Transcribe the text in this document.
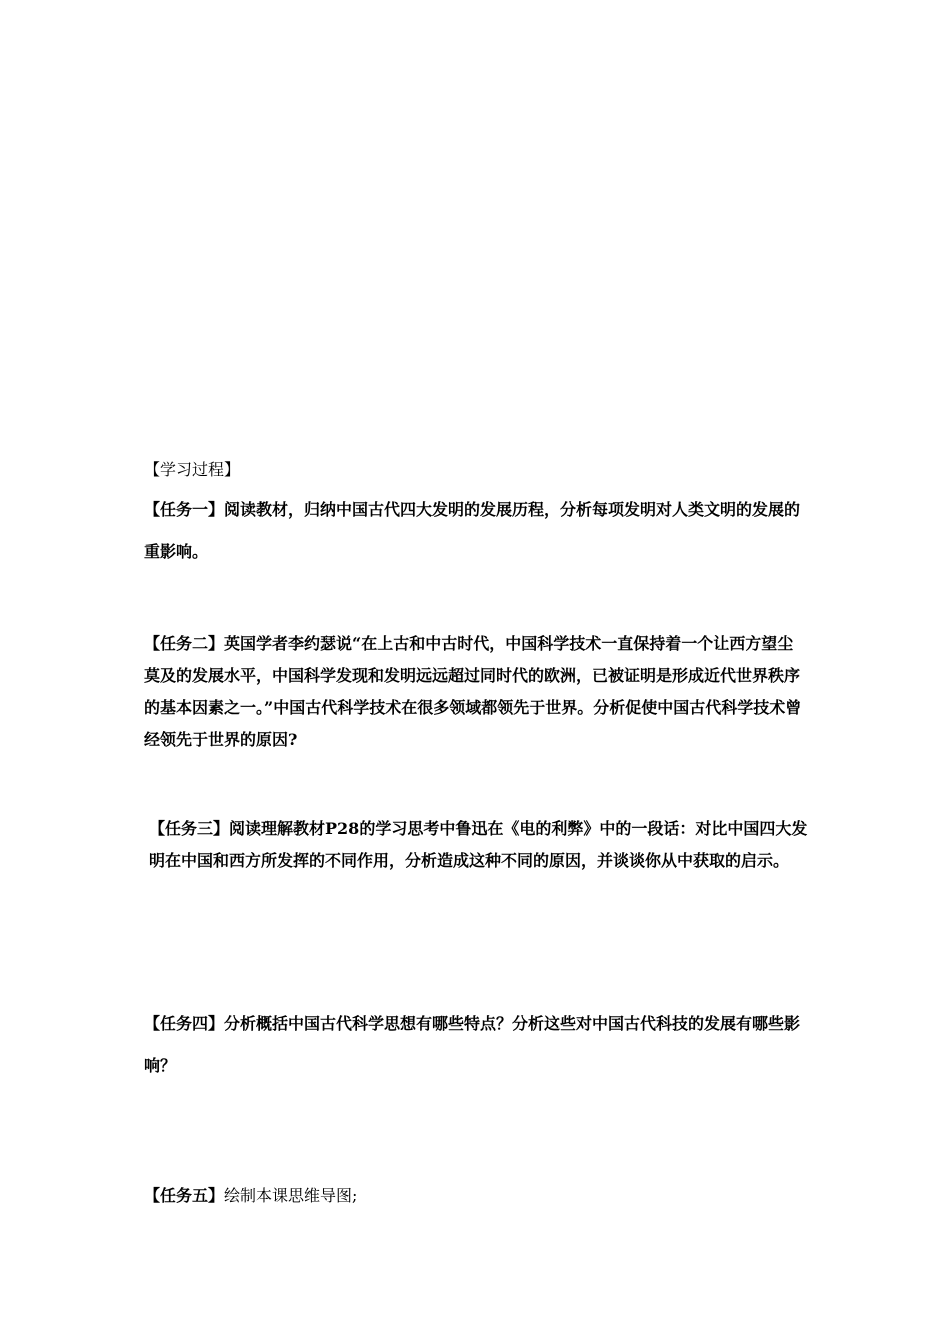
【学习过程】
【任务一】阅读教材，归纳中国古代四大发明的发展历程，分析每项发明对人类文明的发展的重影响。
【任务二】英国学者李约瑟说“在上古和中古时代，中国科学技术一直保持着一个让西方望尘莫及的发展水平，中国科学发现和发明远远超过同时代的欧洲，已被证明是形成近代世界秩序的基本因素之一。”中国古代科学技术在很多领域都领先于世界。分析促使中国古代科学技术曾经领先于世界的原因?
【任务三】阅读理解教材P28的学习思考中鲁迅在《电的利弊》中的一段话：对比中国四大发明在中国和西方所发挥的不同作用，分析造成这种不同的原因，并谈谈你从中获取的启示。
【任务四】分析概括中国古代科学思想有哪些特点？分析这些对中国古代科技的发展有哪些影响？
【任务五】绘制本课思维导图;
